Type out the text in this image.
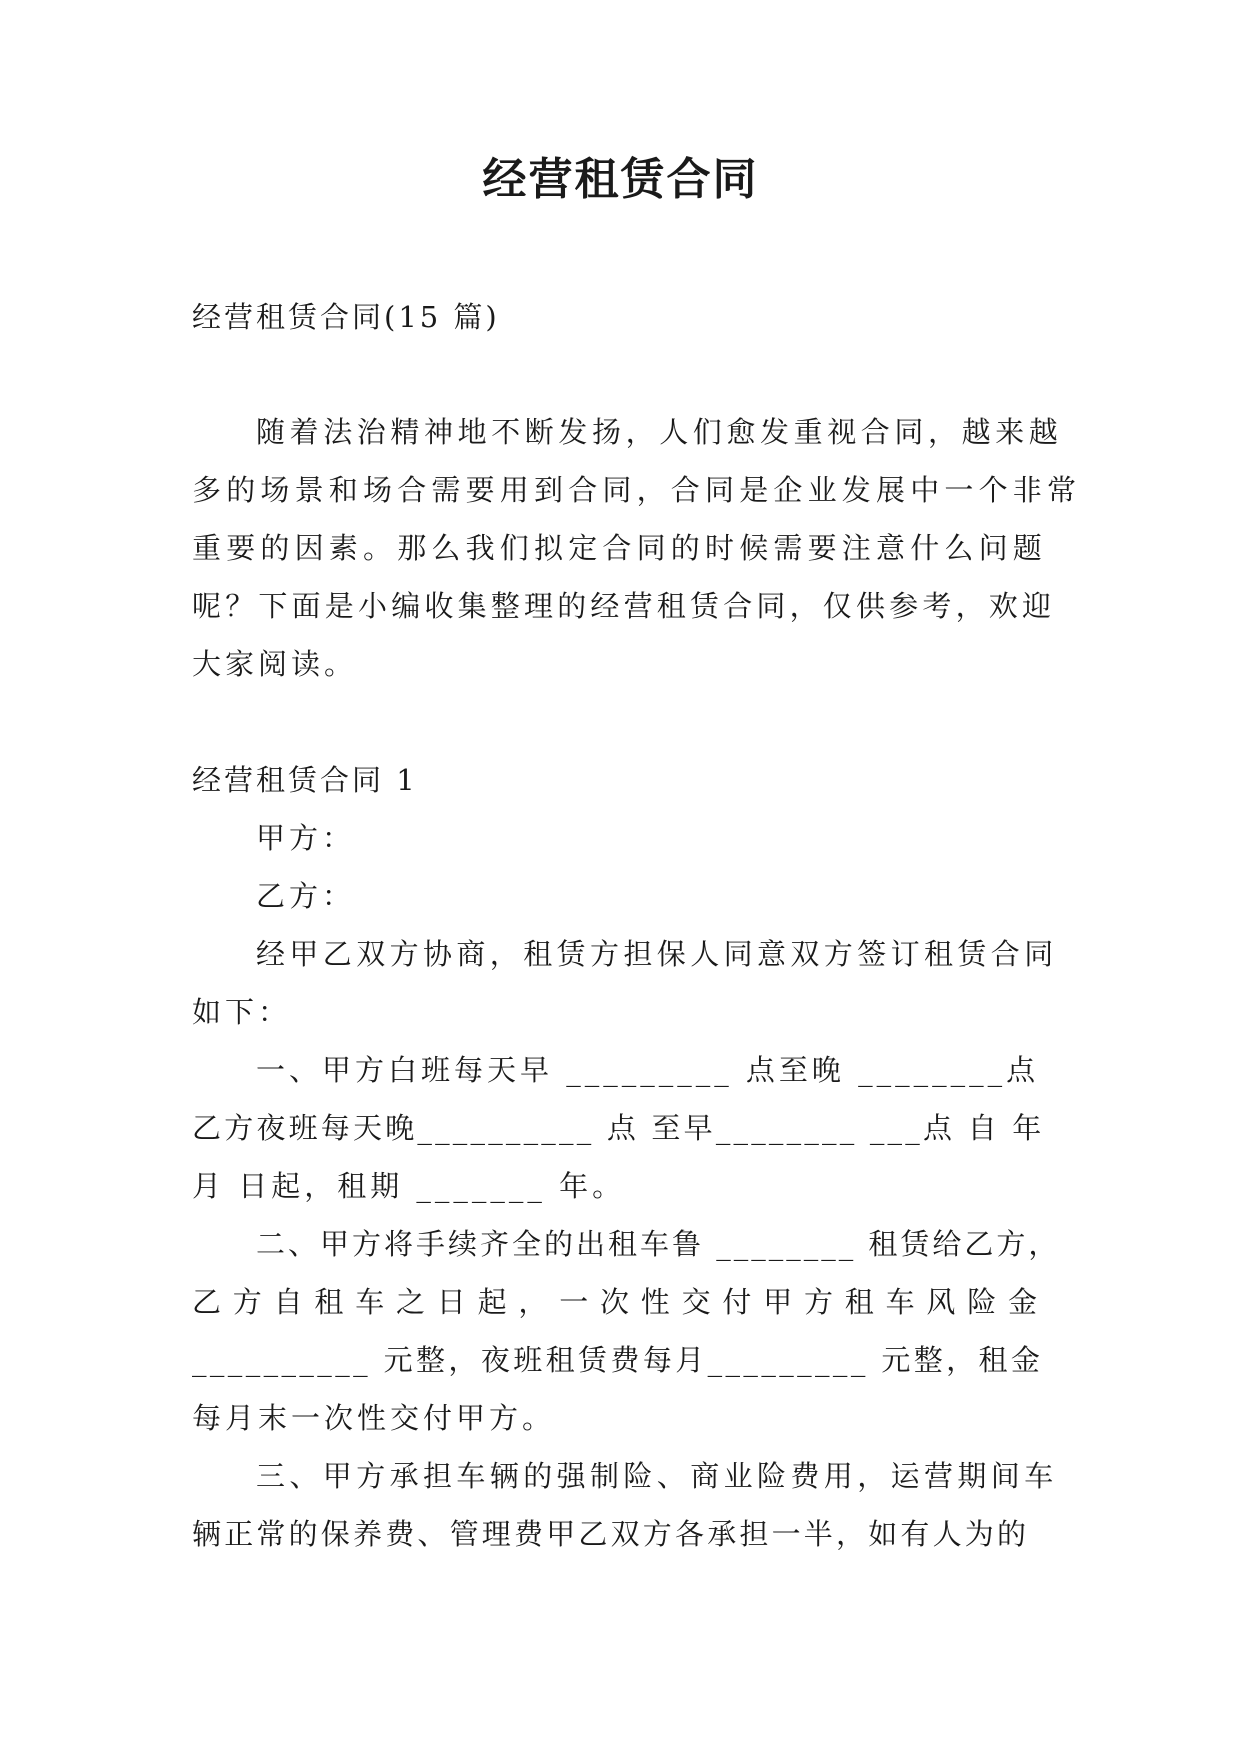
经营租赁合同

经营租赁合同(15 篇)

随着法治精神地不断发扬，人们愈发重视合同，越来越

多的场景和场合需要用到合同，合同是企业发展中一个非常

重要的因素。那么我们拟定合同的时候需要注意什么问题

呢？下面是小编收集整理的经营租赁合同，仅供参考，欢迎

大家阅读。

经营租赁合同 1

甲方：

乙方：

经甲乙双方协商，租赁方担保人同意双方签订租赁合同

如下：

一、甲方白班每天早 _________ 点至晚 ________点

乙方夜班每天晚__________ 点 至早________ ___点 自 年

月 日起，租期 _______ 年。

二、甲方将手续齐全的出租车鲁 ________ 租赁给乙方，

乙方自租车之日起，一次性交付甲方租车风险金

__________ 元整，夜班租赁费每月_________ 元整，租金

每月末一次性交付甲方。

三、甲方承担车辆的强制险、商业险费用，运营期间车

辆正常的保养费、管理费甲乙双方各承担一半，如有人为的
